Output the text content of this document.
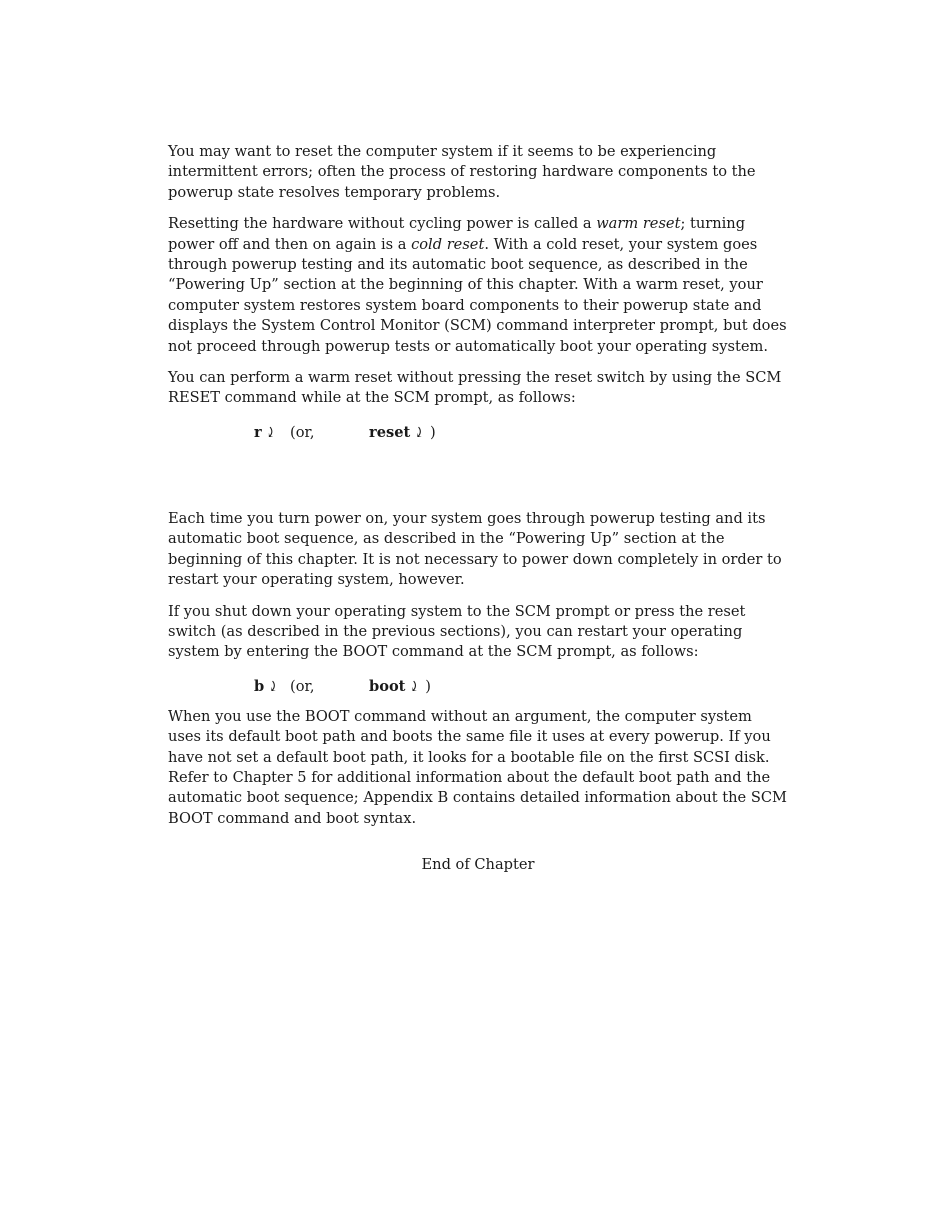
You may want to reset the computer system if it seems to be experiencing intermittent errors; often the process of restoring hardware components to the powerup state resolves temporary problems.

Resetting the hardware without cycling power is called a warm reset; turning power off and then on again is a cold reset. With a cold reset, your system goes through powerup testing and its automatic boot sequence, as described in the “Powering Up” section at the beginning of this chapter. With a warm reset, your computer system restores system board components to their powerup state and displays the System Control Monitor (SCM) command interpreter prompt, but does not proceed through powerup tests or automatically boot your operating system.

You can perform a warm reset without pressing the reset switch by using the SCM RESET command while at the SCM prompt, as follows:

r ⤸ (or,	reset ⤸ )

Each time you turn power on, your system goes through powerup testing and its automatic boot sequence, as described in the “Powering Up” section at the beginning of this chapter. It is not necessary to power down completely in order to restart your operating system, however.

If you shut down your operating system to the SCM prompt or press the reset switch (as described in the previous sections), you can restart your operating system by entering the BOOT command at the SCM prompt, as follows:

b ⤸ (or,	boot ⤸ )

When you use the BOOT command without an argument, the computer system uses its default boot path and boots the same file it uses at every powerup. If you have not set a default boot path, it looks for a bootable file on the first SCSI disk. Refer to Chapter 5 for additional information about the default boot path and the automatic boot sequence; Appendix B contains detailed information about the SCM BOOT command and boot syntax.

End of Chapter
